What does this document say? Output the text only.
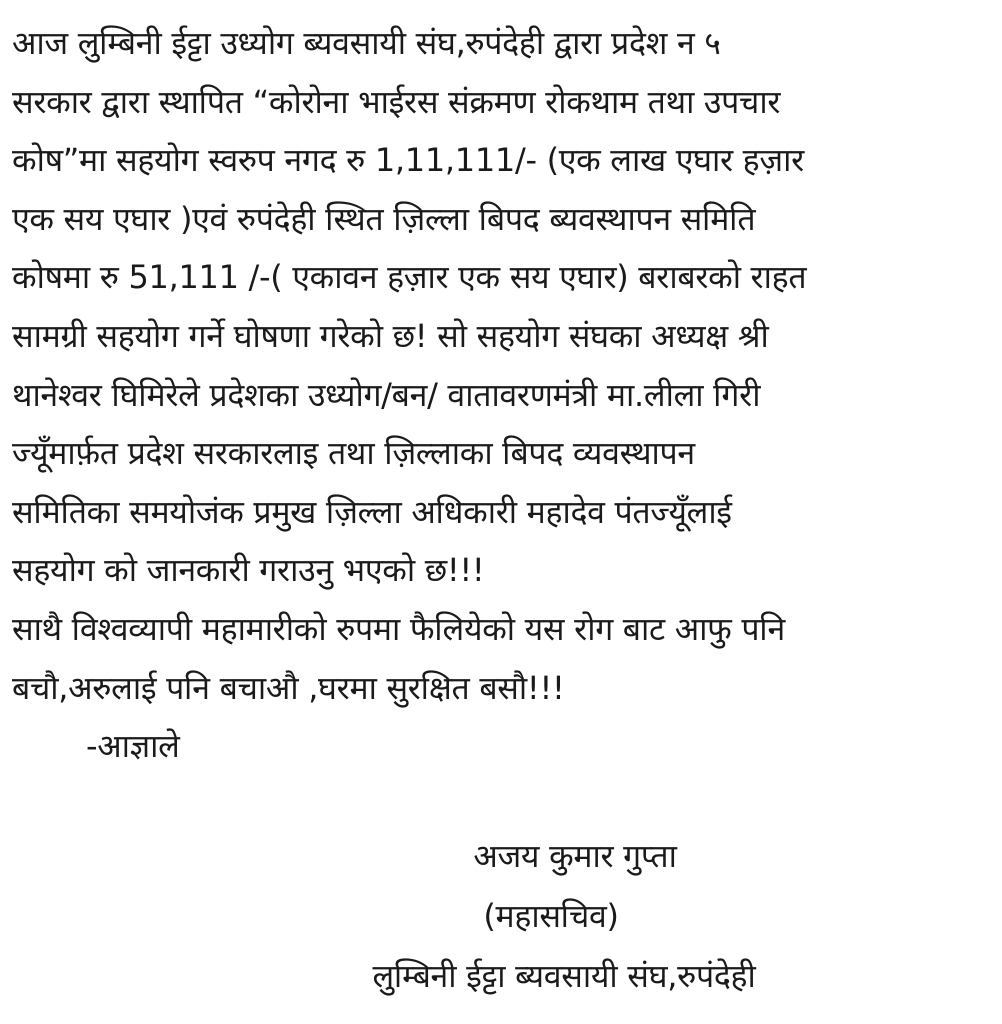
आज लुम्बिनी ईट्टा उध्योग ब्यवसायी संघ,रुपंदेही द्वारा प्रदेश न ५
सरकार द्वारा स्थापित “कोरोना भाईरस संक्रमण रोकथाम तथा उपचार
कोष”मा सहयोग स्वरुप नगद रु 1,11,111/- (एक लाख एघार हज़ार
एक सय एघार )एवं रुपंदेही स्थित ज़िल्ला बिपद ब्यवस्थापन समिति
कोषमा रु 51,111 /-( एकावन हज़ार एक सय एघार) बराबरको राहत
सामग्री सहयोग गर्ने घोषणा गरेको छ! सो सहयोग संघका अध्यक्ष श्री
थानेश्वर घिमिरेले प्रदेशका उध्योग/बन/ वातावरणमंत्री मा.लीला गिरी
ज्यूँमार्फ़त प्रदेश सरकारलाइ तथा ज़िल्लाका बिपद व्यवस्थापन
समितिका समयोजंक प्रमुख ज़िल्ला अधिकारी महादेव पंतज्यूँलाई
सहयोग को जानकारी गराउनु भएको छ!!!
साथै विश्वव्यापी महामारीको रुपमा फैलियेको यस रोग बाट आफु पनि
बचौ,अरुलाई पनि बचाऔ ,घरमा सुरक्षित बसौ!!!
-आज्ञाले
अजय कुमार गुप्ता
(महासचिव)
लुम्बिनी ईट्टा ब्यवसायी संघ,रुपंदेही
